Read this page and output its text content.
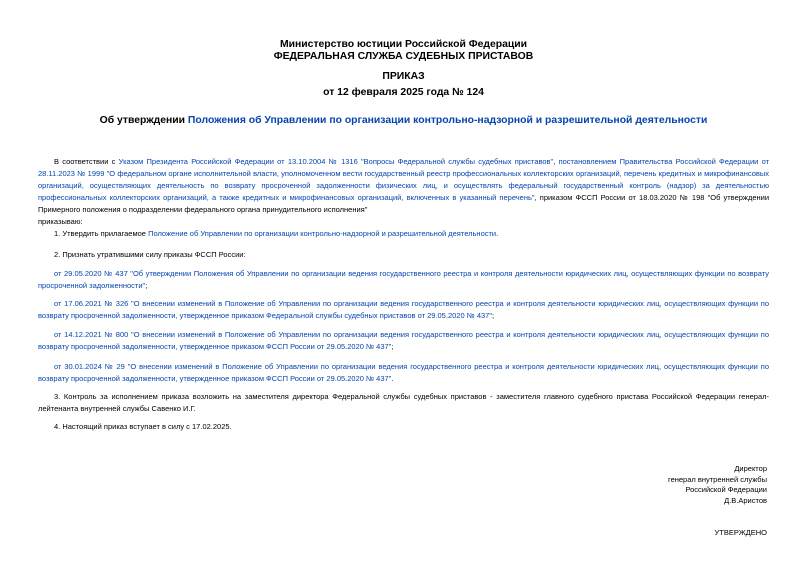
Министерство юстиции Российской Федерации
ФЕДЕРАЛЬНАЯ СЛУЖБА СУДЕБНЫХ ПРИСТАВОВ
ПРИКАЗ
от 12 февраля 2025 года № 124
Об утверждении Положения об Управлении по организации контрольно-надзорной и разрешительной деятельности

В соответствии с Указом Президента Российской Федерации от 13.10.2004 № 1316 "Вопросы Федеральной службы судебных приставов", постановлением Правительства Российской Федерации от 28.11.2023 № 1999 "О федеральном органе исполнительной власти, уполномоченном вести государственный реестр профессиональных коллекторских организаций, перечень кредитных и микрофинансовых организаций, осуществляющих деятельность по возврату просроченной задолженности физических лиц, и осуществлять федеральный государственный контроль (надзор) за деятельностью профессиональных коллекторских организаций, а также кредитных и микрофинансовых организаций, включенных в указанный перечень", приказом ФССП России от 18.03.2020 № 198 "Об утверждении Примерного положения о подразделении федерального органа принудительного исполнения"

приказываю:

1. Утвердить прилагаемое Положение об Управлении по организации контрольно-надзорной и разрешительной деятельности.

2. Признать утратившими силу приказы ФССП России:

от 29.05.2020 № 437 "Об утверждении Положения об Управлении по организации ведения государственного реестра и контроля деятельности юридических лиц, осуществляющих функции по возврату просроченной задолженности";

от 17.06.2021 № 326 "О внесении изменений в Положение об Управлении по организации ведения государственного реестра и контроля деятельности юридических лиц, осуществляющих функции по возврату просроченной задолженности, утвержденное приказом Федеральной службы судебных приставов от 29.05.2020 № 437";

от 14.12.2021 № 800 "О внесении изменений в Положение об Управлении по организации ведения государственного реестра и контроля деятельности юридических лиц, осуществляющих функции по возврату просроченной задолженности, утвержденное приказом ФССП России от 29.05.2020 № 437";

от 30.01.2024 № 29 "О внесении изменений в Положение об Управлении по организации ведения государственного реестра и контроля деятельности юридических лиц, осуществляющих функции по возврату просроченной задолженности, утвержденное приказом ФССП России от 29.05.2020 № 437".

3. Контроль за исполнением приказа возложить на заместителя директора Федеральной службы судебных приставов - заместителя главного судебного пристава Российской Федерации генерал-лейтенанта внутренней службы Савенко И.Г.

4. Настоящий приказ вступает в силу с 17.02.2025.

Директор
генерал внутренней службы
Российской Федерации
Д.В.Аристов
УТВЕРЖДЕНО
